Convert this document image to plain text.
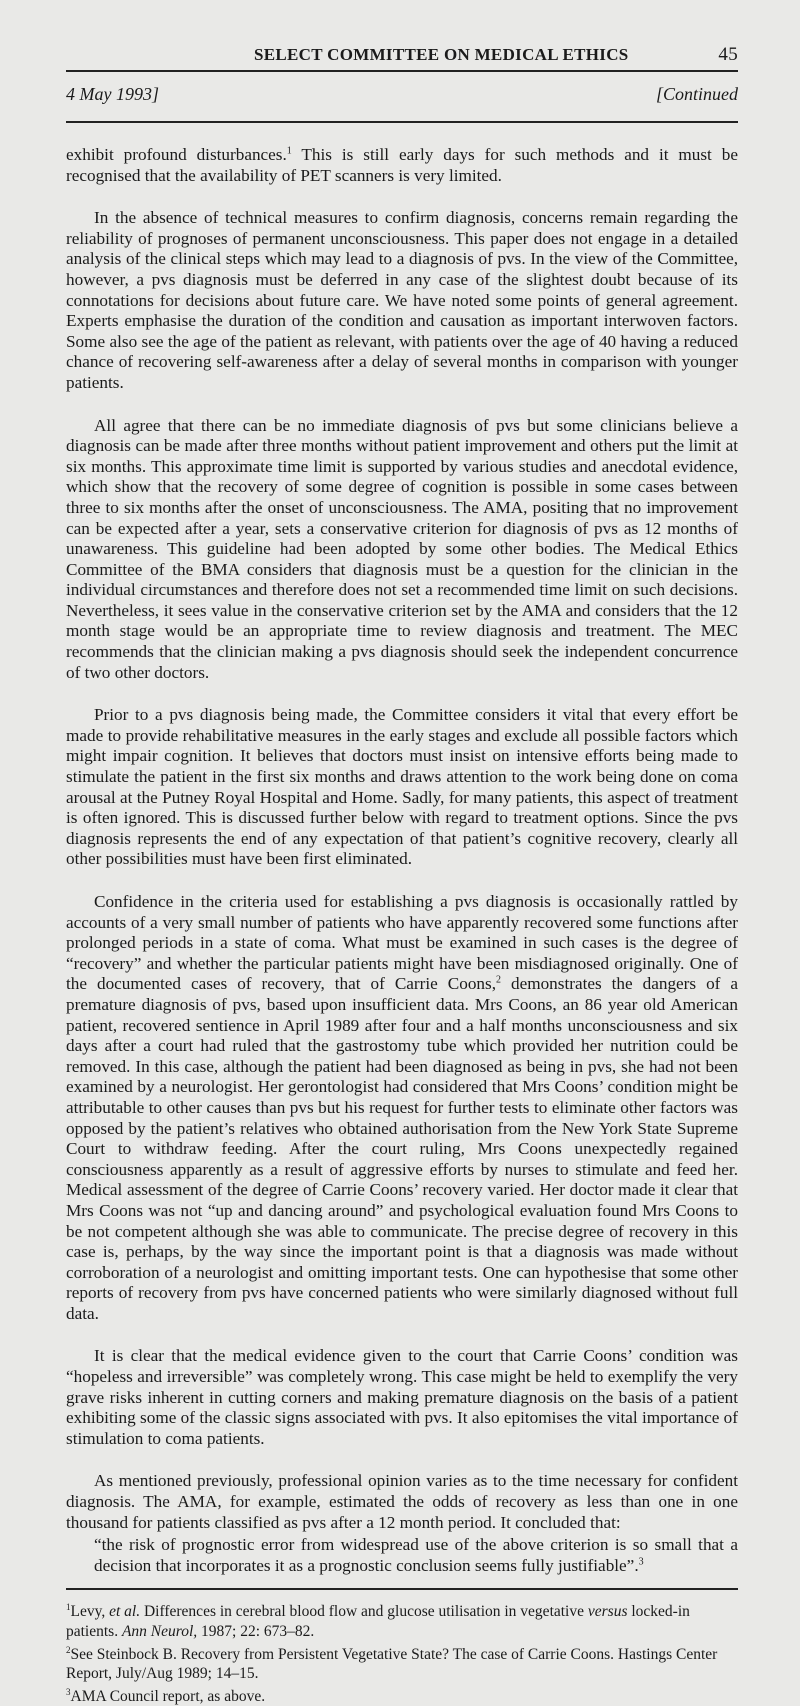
SELECT COMMITTEE ON MEDICAL ETHICS	45
4 May 1993]	[Continued

exhibit profound disturbances.$^1$ This is still early days for such methods and it must be recognised that the availability of PET scanners is very limited.

In the absence of technical measures to confirm diagnosis, concerns remain regarding the reliability of prognoses of permanent unconsciousness. This paper does not engage in a detailed analysis of the clinical steps which may lead to a diagnosis of pvs. In the view of the Committee, however, a pvs diagnosis must be deferred in any case of the slightest doubt because of its connotations for decisions about future care. We have noted some points of general agreement. Experts emphasise the duration of the condition and causation as important interwoven factors. Some also see the age of the patient as relevant, with patients over the age of 40 having a reduced chance of recovering self-awareness after a delay of several months in comparison with younger patients.

All agree that there can be no immediate diagnosis of pvs but some clinicians believe a diagnosis can be made after three months without patient improvement and others put the limit at six months. This approximate time limit is supported by various studies and anecdotal evidence, which show that the recovery of some degree of cognition is possible in some cases between three to six months after the onset of unconsciousness. The AMA, positing that no improvement can be expected after a year, sets a conservative criterion for diagnosis of pvs as 12 months of unawareness. This guideline had been adopted by some other bodies. The Medical Ethics Committee of the BMA considers that diagnosis must be a question for the clinician in the individual circumstances and therefore does not set a recommended time limit on such decisions. Nevertheless, it sees value in the conservative criterion set by the AMA and considers that the 12 month stage would be an appropriate time to review diagnosis and treatment. The MEC recommends that the clinician making a pvs diagnosis should seek the independent concurrence of two other doctors.

Prior to a pvs diagnosis being made, the Committee considers it vital that every effort be made to provide rehabilitative measures in the early stages and exclude all possible factors which might impair cognition. It believes that doctors must insist on intensive efforts being made to stimulate the patient in the first six months and draws attention to the work being done on coma arousal at the Putney Royal Hospital and Home. Sadly, for many patients, this aspect of treatment is often ignored. This is discussed further below with regard to treatment options. Since the pvs diagnosis represents the end of any expectation of that patient’s cognitive recovery, clearly all other possibilities must have been first eliminated.

Confidence in the criteria used for establishing a pvs diagnosis is occasionally rattled by accounts of a very small number of patients who have apparently recovered some functions after prolonged periods in a state of coma. What must be examined in such cases is the degree of “recovery” and whether the particular patients might have been misdiagnosed originally. One of the documented cases of recovery, that of Carrie Coons,$^2$ demonstrates the dangers of a premature diagnosis of pvs, based upon insufficient data. Mrs Coons, an 86 year old American patient, recovered sentience in April 1989 after four and a half months unconsciousness and six days after a court had ruled that the gastrostomy tube which provided her nutrition could be removed. In this case, although the patient had been diagnosed as being in pvs, she had not been examined by a neurologist. Her gerontologist had considered that Mrs Coons’ condition might be attributable to other causes than pvs but his request for further tests to eliminate other factors was opposed by the patient’s relatives who obtained authorisation from the New York State Supreme Court to withdraw feeding. After the court ruling, Mrs Coons unexpectedly regained consciousness apparently as a result of aggressive efforts by nurses to stimulate and feed her. Medical assessment of the degree of Carrie Coons’ recovery varied. Her doctor made it clear that Mrs Coons was not “up and dancing around” and psychological evaluation found Mrs Coons to be not competent although she was able to communicate. The precise degree of recovery in this case is, perhaps, by the way since the important point is that a diagnosis was made without corroboration of a neurologist and omitting important tests. One can hypothesise that some other reports of recovery from pvs have concerned patients who were similarly diagnosed without full data.

It is clear that the medical evidence given to the court that Carrie Coons’ condition was “hopeless and irreversible” was completely wrong. This case might be held to exemplify the very grave risks inherent in cutting corners and making premature diagnosis on the basis of a patient exhibiting some of the classic signs associated with pvs. It also epitomises the vital importance of stimulation to coma patients.

As mentioned previously, professional opinion varies as to the time necessary for confident diagnosis. The AMA, for example, estimated the odds of recovery as less than one in one thousand for patients classified as pvs after a 12 month period. It concluded that:

“the risk of prognostic error from widespread use of the above criterion is so small that a decision that incorporates it as a prognostic conclusion seems fully justifiable”.$^3$
$^1$Levy, et al. Differences in cerebral blood flow and glucose utilisation in vegetative versus locked-in patients. Ann Neurol, 1987; 22: 673–82.
$^2$See Steinbock B. Recovery from Persistent Vegetative State? The case of Carrie Coons. Hastings Center Report, July/Aug 1989; 14–15.
$^3$AMA Council report, as above.
